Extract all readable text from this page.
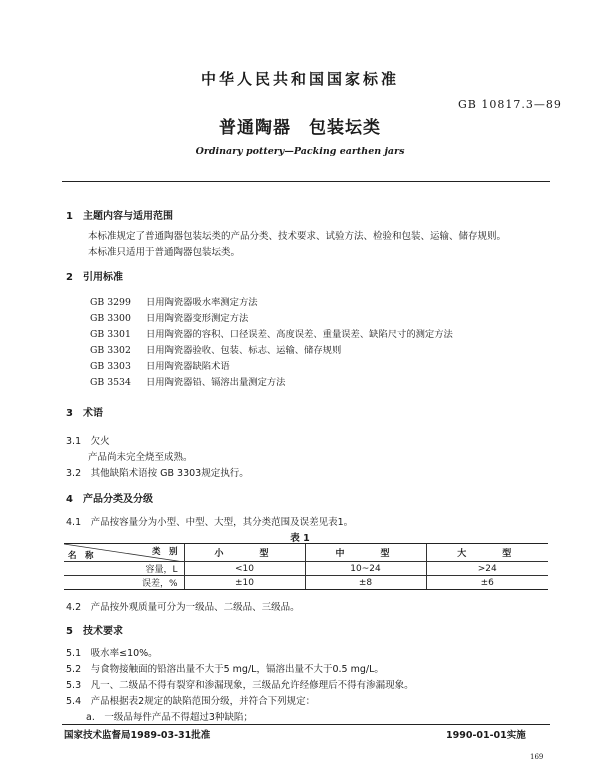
中华人民共和国国家标准
GB 10817.3—89
普通陶器　包装坛类
Ordinary pottery—Packing earthen jars
1　主题内容与适用范围
本标准规定了普通陶器包装坛类的产品分类、技术要求、试验方法、检验和包装、运输、储存规则。
本标准只适用于普通陶器包装坛类。
2　引用标准
GB 3299 日用陶瓷器吸水率测定方法
GB 3300 日用陶瓷器变形测定方法
GB 3301 日用陶瓷器的容积、口径误差、高度误差、重量误差、缺陷尺寸的测定方法
GB 3302 日用陶瓷器验收、包装、标志、运输、储存规则
GB 3303 日用陶瓷器缺陷术语
GB 3534 日用陶瓷器铅、镉溶出量测定方法
3　术语
3.1　欠火
产品尚未完全烧至成熟。
3.2　其他缺陷术语按 GB 3303规定执行。
4　产品分类及分级
4.1　产品按容量分为小型、中型、大型，其分类范围及误差见表1。
表 1
类　别
名　称	小　　型	中　　型	大　　型
容量，L	<10	10~24	>24
误差，%	±10	±8	±6
4.2　产品按外观质量可分为一级品、二级品、三级品。
5　技术要求
5.1　吸水率≤10%。
5.2　与食物接触面的铅溶出量不大于5 mg/L，镉溶出量不大于0.5 mg/L。
5.3　凡一、二级品不得有裂穿和渗漏现象，三级品允许经修理后不得有渗漏现象。
5.4　产品根据表2规定的缺陷范围分级，并符合下列规定：
a.　一级品每件产品不得超过3种缺陷；
国家技术监督局1989-03-31批准	1990-01-01实施
169
